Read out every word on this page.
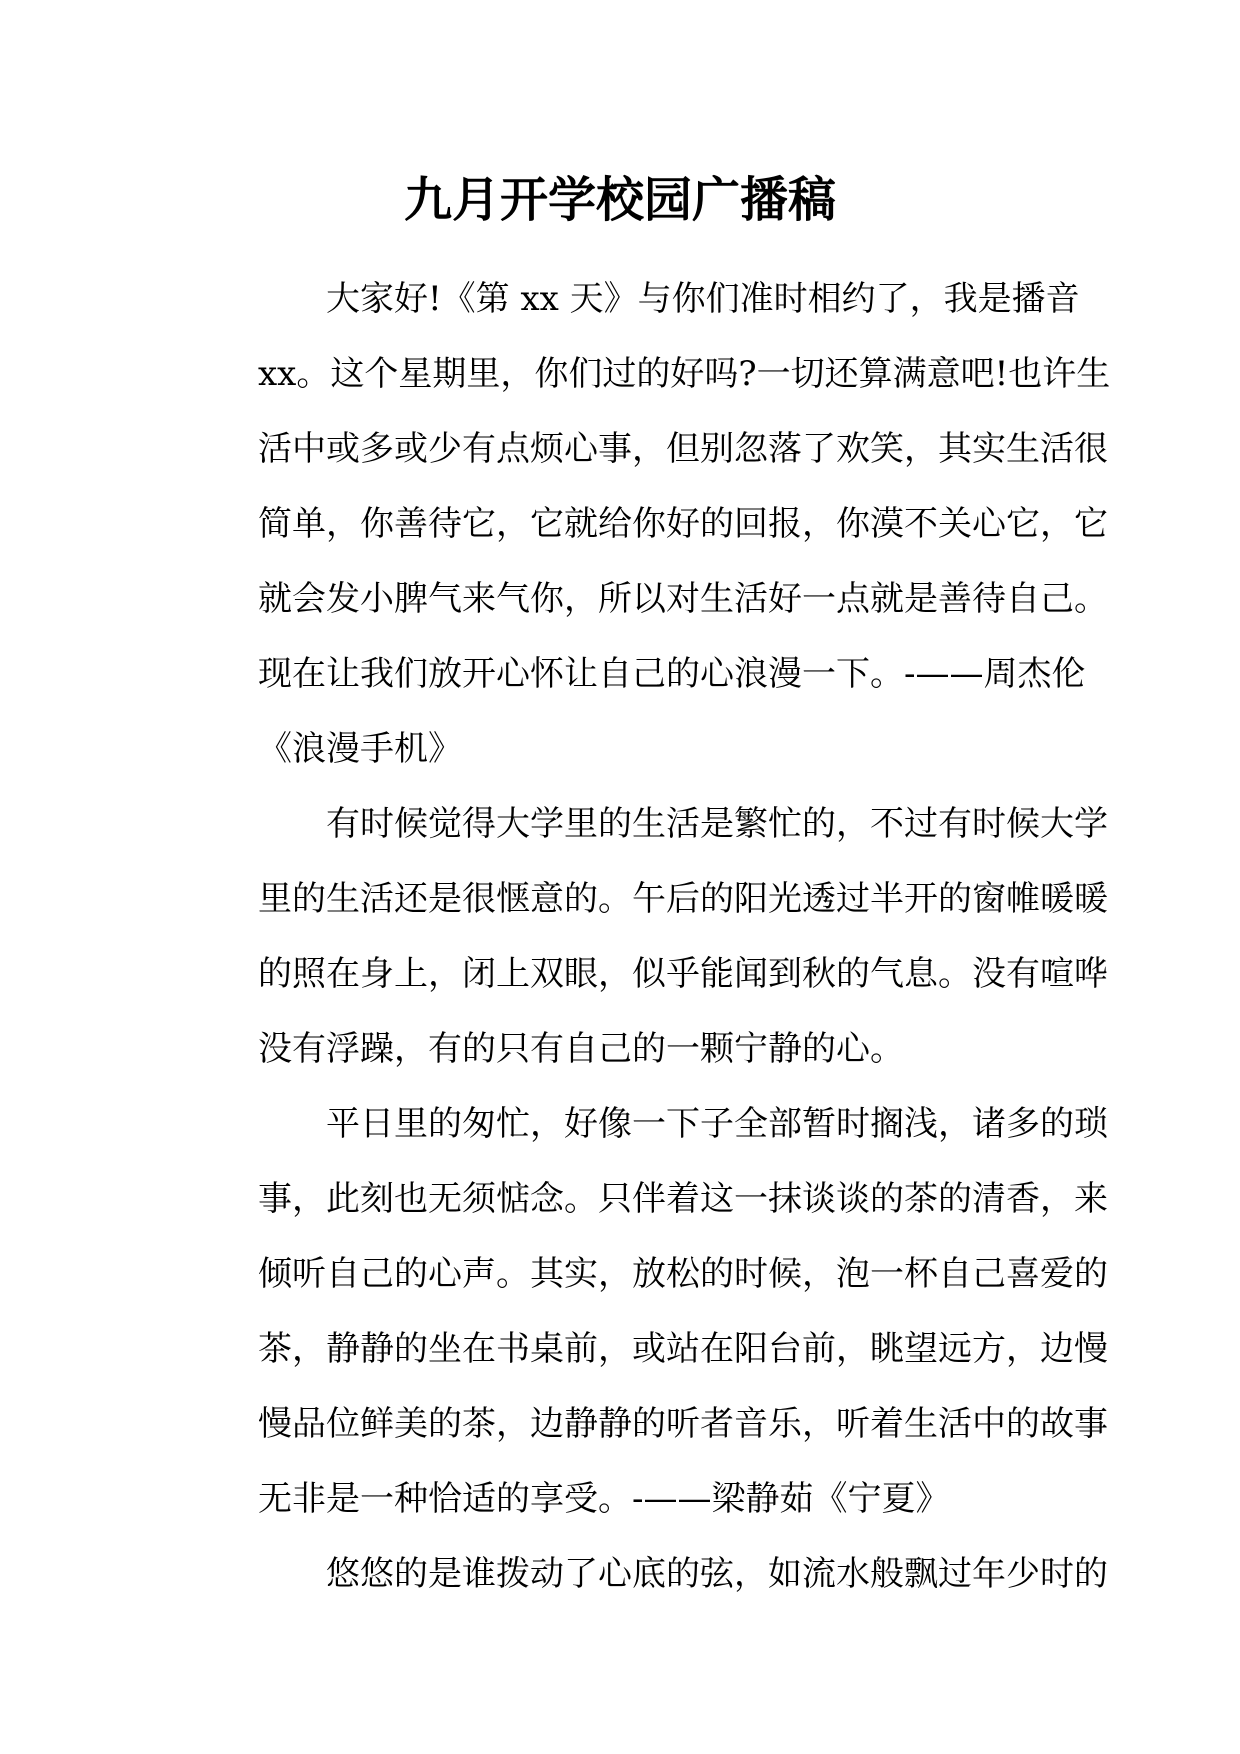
九月开学校园广播稿
大家好!《第 xx 天》与你们准时相约了，我是播音
xx。这个星期里，你们过的好吗?一切还算满意吧!也许生
活中或多或少有点烦心事，但别忽落了欢笑，其实生活很
简单，你善待它，它就给你好的回报，你漠不关心它，它
就会发小脾气来气你，所以对生活好一点就是善待自己。
现在让我们放开心怀让自己的心浪漫一下。-——周杰伦
《浪漫手机》
有时候觉得大学里的生活是繁忙的，不过有时候大学
里的生活还是很惬意的。午后的阳光透过半开的窗帷暖暖
的照在身上，闭上双眼，似乎能闻到秋的气息。没有喧哗
没有浮躁，有的只有自己的一颗宁静的心。
平日里的匆忙，好像一下子全部暂时搁浅，诸多的琐
事，此刻也无须惦念。只伴着这一抹谈谈的茶的清香，来
倾听自己的心声。其实，放松的时候，泡一杯自己喜爱的
茶，静静的坐在书桌前，或站在阳台前，眺望远方，边慢
慢品位鲜美的茶，边静静的听者音乐，听着生活中的故事
无非是一种恰适的享受。-——梁静茹《宁夏》
悠悠的是谁拨动了心底的弦，如流水般飘过年少时的
